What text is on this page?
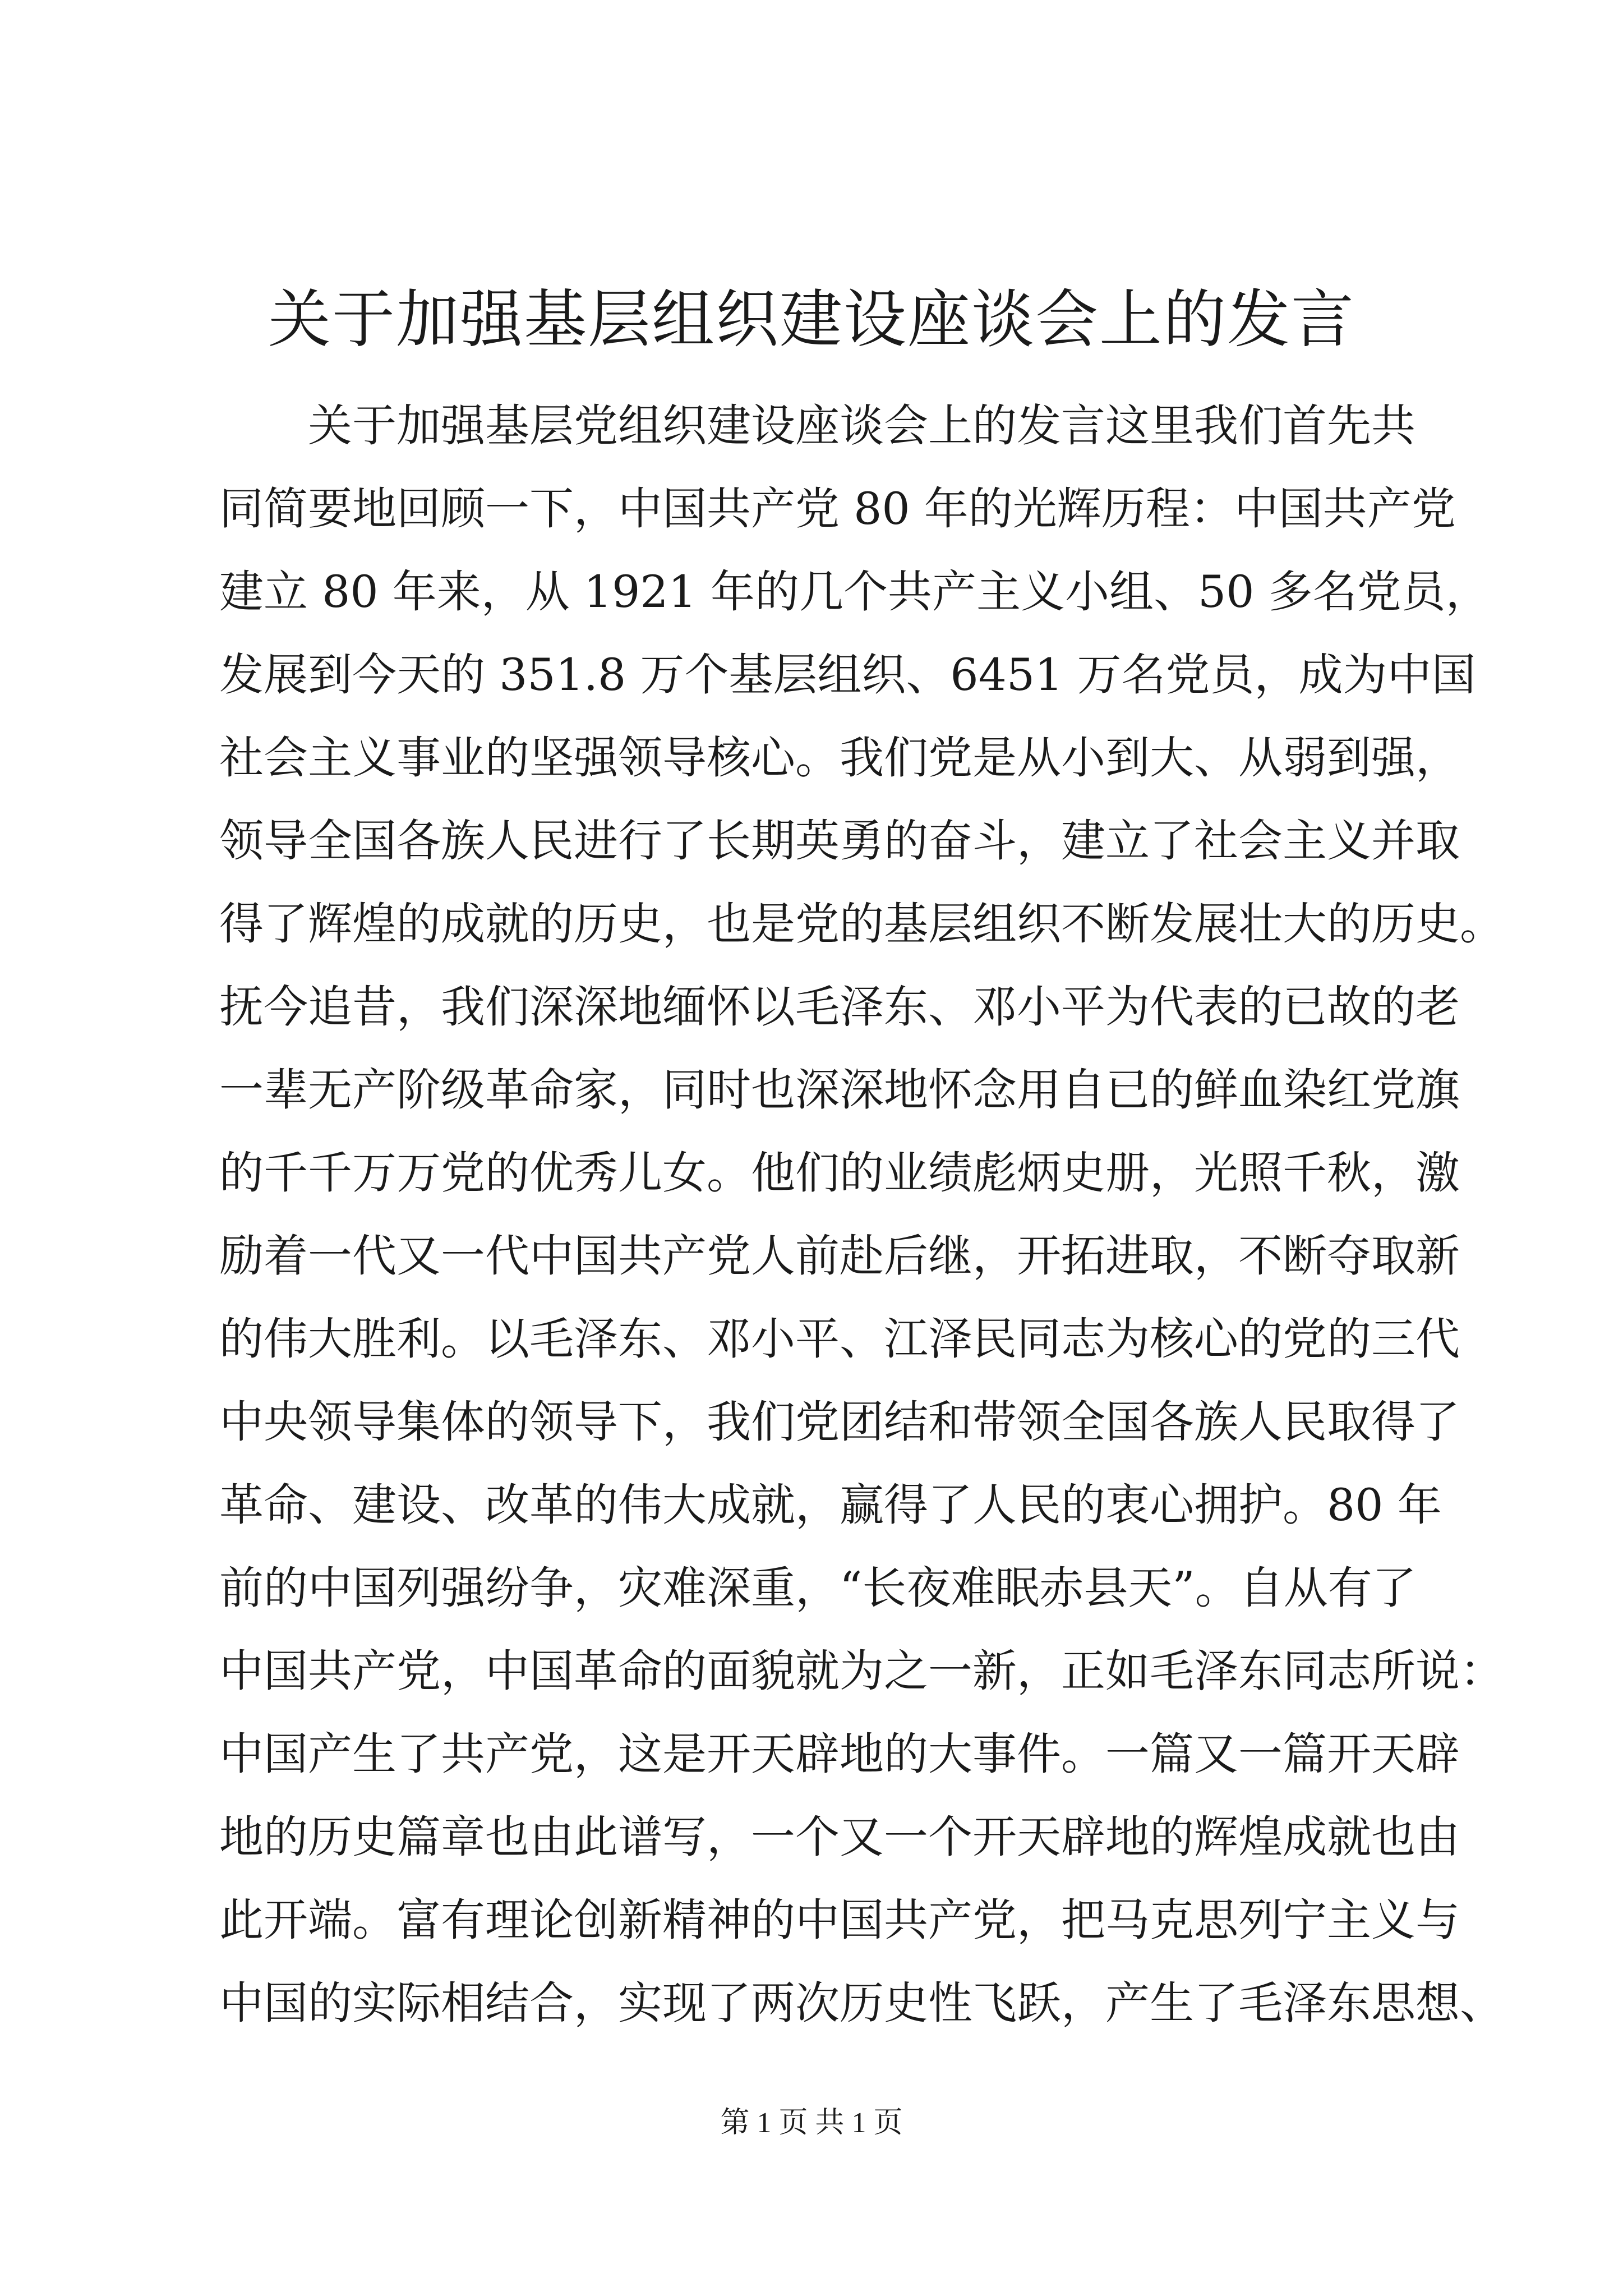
关于加强基层组织建设座谈会上的发言
关于加强基层党组织建设座谈会上的发言这里我们首先共
同简要地回顾一下，中国共产党 80 年的光辉历程：中国共产党
建立 80 年来，从 1921 年的几个共产主义小组、50 多名党员，
发展到今天的 351.8 万个基层组织、6451 万名党员，成为中国
社会主义事业的坚强领导核心。我们党是从小到大、从弱到强，
领导全国各族人民进行了长期英勇的奋斗，建立了社会主义并取
得了辉煌的成就的历史，也是党的基层组织不断发展壮大的历史。
抚今追昔，我们深深地缅怀以毛泽东、邓小平为代表的已故的老
一辈无产阶级革命家，同时也深深地怀念用自已的鲜血染红党旗
的千千万万党的优秀儿女。他们的业绩彪炳史册，光照千秋，激
励着一代又一代中国共产党人前赴后继，开拓进取，不断夺取新
的伟大胜利。以毛泽东、邓小平、江泽民同志为核心的党的三代
中央领导集体的领导下，我们党团结和带领全国各族人民取得了
革命、建设、改革的伟大成就，赢得了人民的衷心拥护。80 年
前的中国列强纷争，灾难深重，“长夜难眠赤县天”。自从有了
中国共产党，中国革命的面貌就为之一新，正如毛泽东同志所说：
中国产生了共产党，这是开天辟地的大事件。一篇又一篇开天辟
地的历史篇章也由此谱写，一个又一个开天辟地的辉煌成就也由
此开端。富有理论创新精神的中国共产党，把马克思列宁主义与
中国的实际相结合，实现了两次历史性飞跃，产生了毛泽东思想、
第 1 页 共 1 页
